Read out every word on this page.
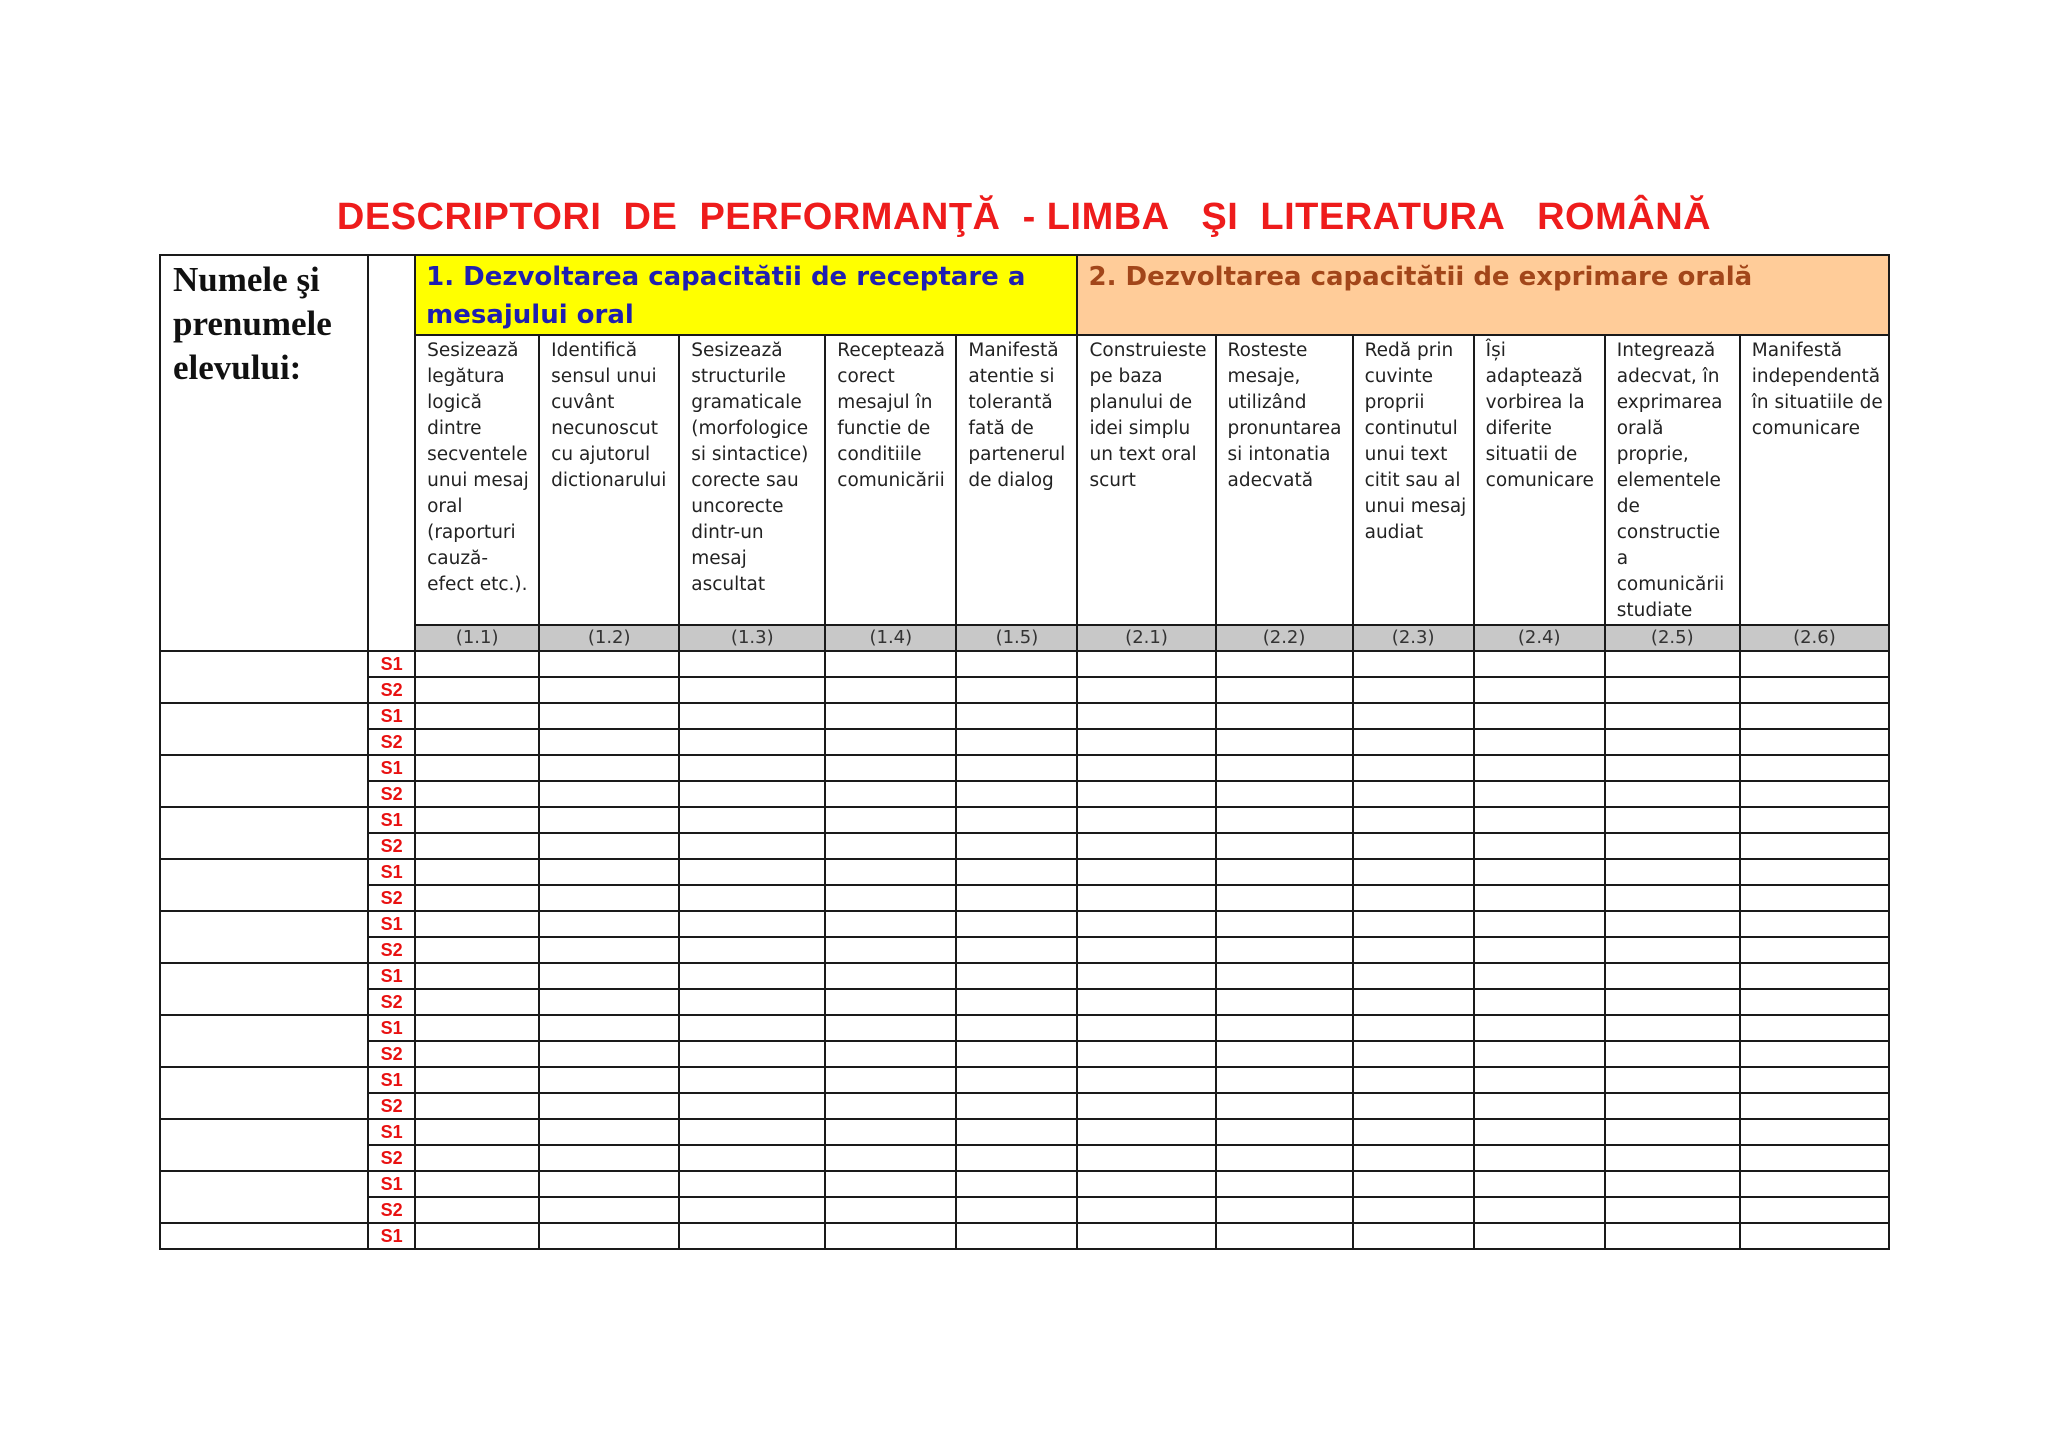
DESCRIPTORI  DE  PERFORMANŢĂ  - LIMBA   ŞI  LITERATURA   ROMÂNĂ
Numele şi prenumele elevului:		1. Dezvoltarea capacitătii de receptare a mesajului oral					2. Dezvoltarea capacitătii de exprimare orală					
		Sesizează legătura logică dintre secventele unui mesaj oral (raporturi cauză-efect etc.).	Identifică sensul unui cuvânt necunoscut cu ajutorul dictionarului	Sesizează structurile gramaticale (morfologice si sintactice) corecte sau uncorecte dintr-un mesaj ascultat	Receptează corect mesajul în functie de conditiile comunicării	Manifestă atentie si tolerantă fată de partenerul de dialog	Construieste pe baza planului de idei simplu un text oral scurt	Rosteste mesaje, utilizând pronuntarea si intonatia adecvată	Redă prin cuvinte proprii continutul unui text citit sau al unui mesaj audiat	Își adaptează vorbirea la diferite situatii de comunicare	Integrează adecvat, în exprimarea orală proprie, elementele de constructie a comunicării studiate	Manifestă independentă în situatiile de comunicare
		(1.1)	(1.2)	(1.3)	(1.4)	(1.5)	(2.1)	(2.2)	(2.3)	(2.4)	(2.5)	(2.6)
	S1											
	S2											
	S1											
	S2											
	S1											
	S2											
	S1											
	S2											
	S1											
	S2											
	S1											
	S2											
	S1											
	S2											
	S1											
	S2											
	S1											
	S2											
	S1											
	S2											
	S1											
	S2											
	S1											
